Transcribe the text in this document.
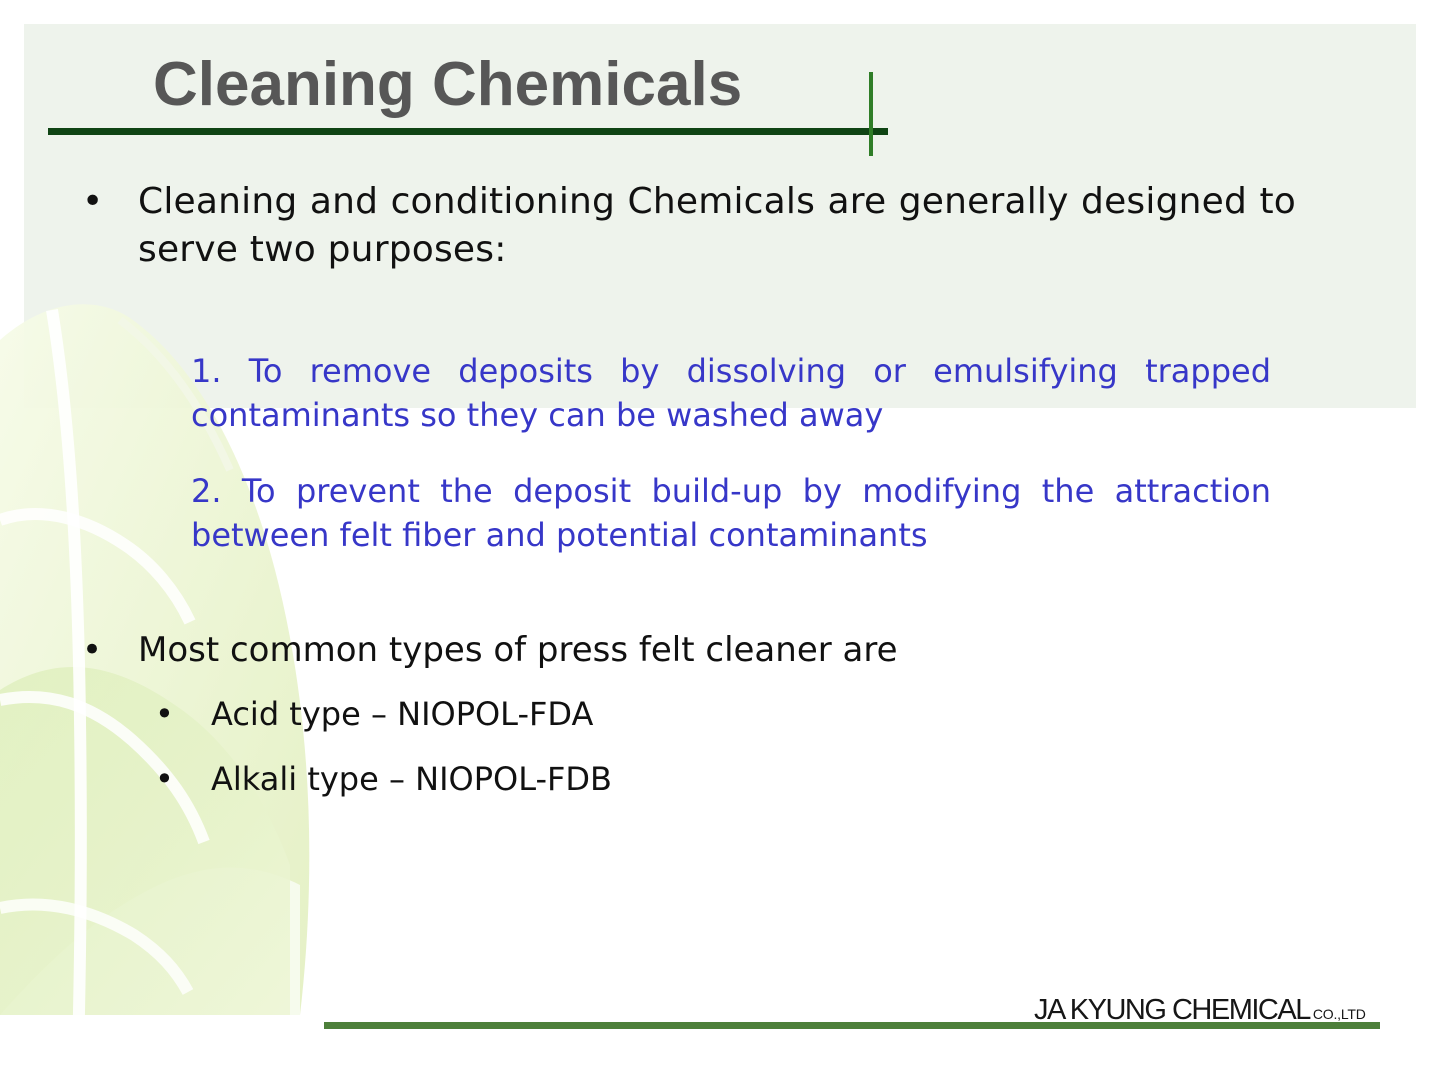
Cleaning Chemicals
• Cleaning and conditioning Chemicals are generally designed to serve two purposes:
1. To remove deposits by dissolving or emulsifying trapped contaminants so they can be washed away
2. To prevent the deposit build-up by modifying the attraction between felt fiber and potential contaminants
• Most common types of press felt cleaner are
• Acid type – NIOPOL-FDA
• Alkali type – NIOPOL-FDB
JA KYUNG CHEMICAL CO.,LTD
